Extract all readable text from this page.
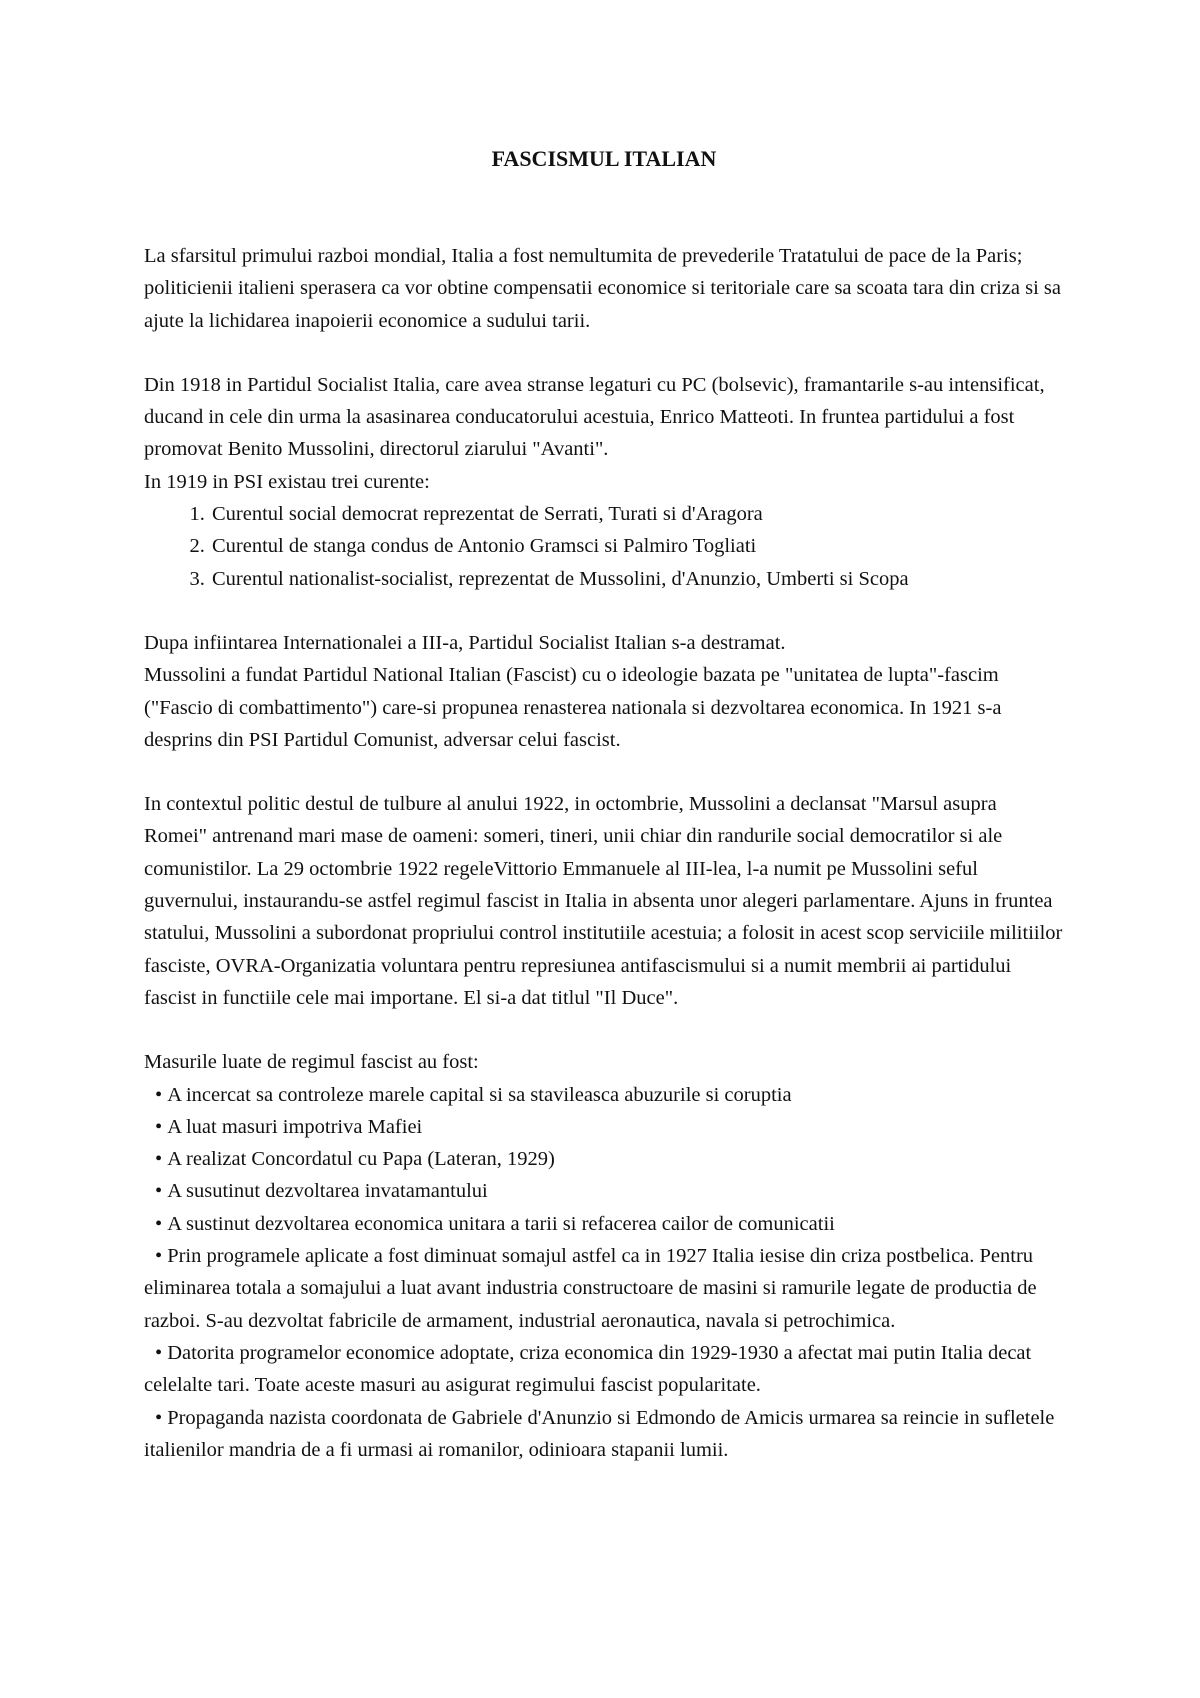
FASCISMUL ITALIAN

La sfarsitul primului razboi mondial, Italia a fost nemultumita de prevederile Tratatului de pace de la Paris; politicienii italieni sperasera ca vor obtine compensatii economice si teritoriale care sa scoata tara din criza si sa ajute la lichidarea inapoierii economice a sudului tarii.

Din 1918 in Partidul Socialist Italia, care avea stranse legaturi cu PC (bolsevic), framantarile s-au intensificat, ducand in cele din urma la asasinarea conducatorului acestuia, Enrico Matteoti. In fruntea partidului a fost promovat Benito Mussolini, directorul ziarului "Avanti".

In 1919 in PSI existau trei curente:

1. Curentul social democrat reprezentat de Serrati, Turati si d'Aragora
2. Curentul de stanga condus de Antonio Gramsci si Palmiro Togliati
3. Curentul nationalist-socialist, reprezentat de Mussolini, d'Anunzio, Umberti si Scopa

Dupa infiintarea Internationalei a III-a, Partidul Socialist Italian s-a destramat.

Mussolini a fundat Partidul National Italian (Fascist) cu o ideologie bazata pe "unitatea de lupta"-fascim ("Fascio di combattimento") care-si propunea renasterea nationala si dezvoltarea economica. In 1921 s-a desprins din PSI Partidul Comunist, adversar celui fascist.

In contextul politic destul de tulbure al anului 1922, in octombrie, Mussolini a declansat "Marsul asupra Romei" antrenand mari mase de oameni: someri, tineri, unii chiar din randurile social democratilor si ale comunistilor. La 29 octombrie 1922 regeleVittorio Emmanuele al III-lea, l-a numit pe Mussolini seful guvernului, instaurandu-se astfel regimul fascist in Italia in absenta unor alegeri parlamentare. Ajuns in fruntea statului, Mussolini a subordonat propriului control institutiile acestuia; a folosit in acest scop serviciile militiilor fasciste, OVRA-Organizatia voluntara pentru represiunea antifascismului si a numit membrii ai partidului fascist in functiile cele mai importane. El si-a dat titlul "Il Duce".

Masurile luate de regimul fascist au fost:

• A incercat sa controleze marele capital si sa stavileasca abuzurile si coruptia
• A luat masuri impotriva Mafiei
• A realizat Concordatul cu Papa (Lateran, 1929)
• A susutinut dezvoltarea invatamantului
• A sustinut dezvoltarea economica unitara a tarii si refacerea cailor de comunicatii
• Prin programele aplicate a fost diminuat somajul astfel ca in 1927 Italia iesise din criza postbelica. Pentru eliminarea totala a somajului a luat avant industria constructoare de masini si ramurile legate de productia de razboi. S-au dezvoltat fabricile de armament, industrial aeronautica, navala si petrochimica.
• Datorita programelor economice adoptate, criza economica din 1929-1930 a afectat mai putin Italia decat celelalte tari. Toate aceste masuri au asigurat regimului fascist popularitate.
• Propaganda nazista coordonata de Gabriele d'Anunzio si Edmondo de Amicis urmarea sa reincie in sufletele italienilor mandria de a fi urmasi ai romanilor, odinioara stapanii lumii.
